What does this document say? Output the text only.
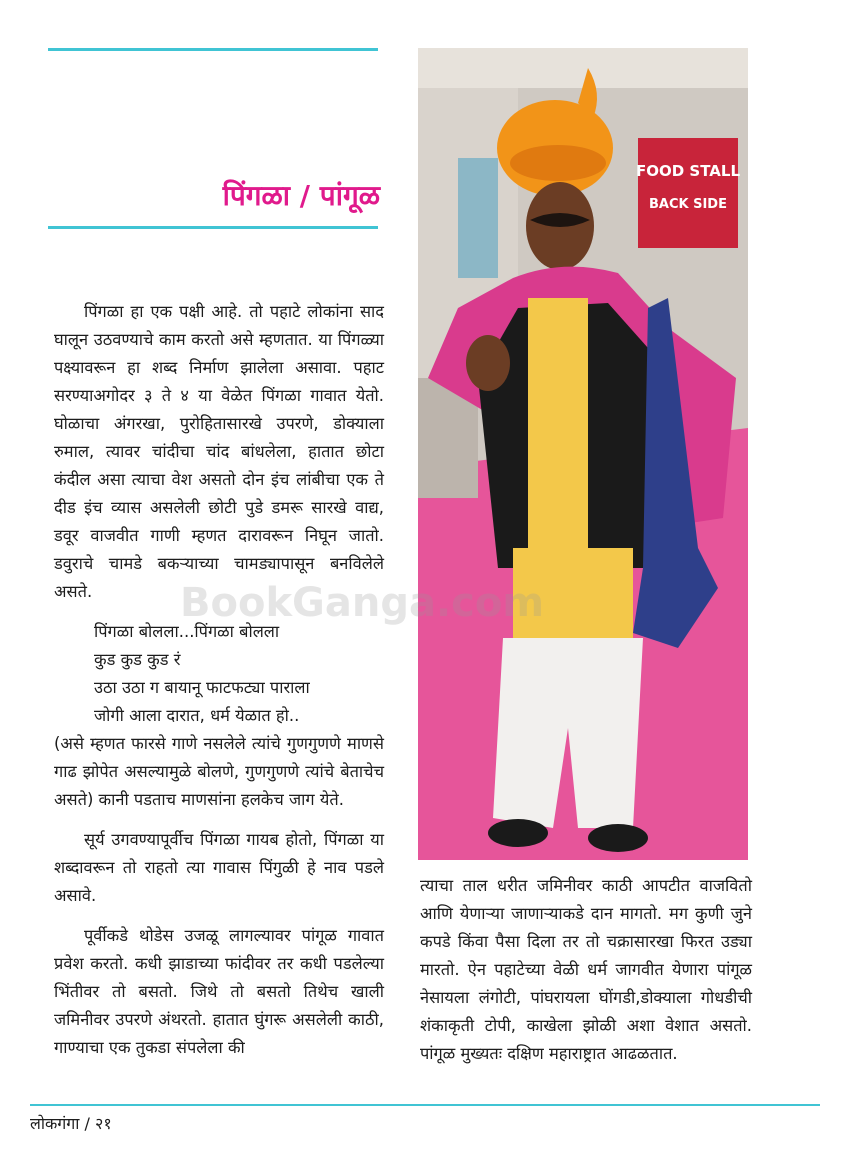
पिंगळा / पांगूळ

पिंगळा हा एक पक्षी आहे. तो पहाटे लोकांना साद घालून उठवण्याचे काम करतो असे म्हणतात. या पिंगळ्या पक्ष्यावरून हा शब्द निर्माण झालेला असावा. पहाट सरण्याअगोदर ३ ते ४ या वेळेत पिंगळा गावात येतो. घोळाचा अंगरखा, पुरोहितासारखे उपरणे, डोक्याला रुमाल, त्यावर चांदीचा चांद बांधलेला, हातात छोटा कंदील असा त्याचा वेश असतो दोन इंच लांबीचा एक ते दीड इंच व्यास असलेली छोटी पुडे डमरू सारखे वाद्य, डवूर वाजवीत गाणी म्हणत दारावरून निघून जातो. डवुराचे चामडे बकऱ्याच्या चामड्यापासून बनविलेले असते.

पिंगळा बोलला...पिंगळा बोलला
कुड कुड कुड रं
उठा उठा ग बायानू फाटफट्या पाराला
जोगी आला दारात, धर्म येळात हो..

(असे म्हणत फारसे गाणे नसलेले त्यांचे गुणगुणणे माणसे गाढ झोपेत असल्यामुळे बोलणे, गुणगुणणे त्यांचे बेताचेच असते) कानी पडताच माणसांना हलकेच जाग येते.

सूर्य उगवण्यापूर्वीच पिंगळा गायब होतो, पिंगळा या शब्दावरून तो राहतो त्या गावास पिंगुळी हे नाव पडले असावे.

पूर्वीकडे थोडेस उजळू लागल्यावर पांगूळ गावात प्रवेश करतो. कधी झाडाच्या फांदीवर तर कधी पडलेल्या भिंतीवर तो बसतो. जिथे तो बसतो तिथेच खाली जमिनीवर उपरणे अंथरतो. हातात घुंगरू असलेली काठी, गाण्याचा एक तुकडा संपलेला की

FOOD STALL
BACK SIDE
BookGanga.com

त्याचा ताल धरीत जमिनीवर काठी आपटीत वाजवितो आणि येणाऱ्या जाणाऱ्याकडे दान मागतो. मग कुणी जुने कपडे किंवा पैसा दिला तर तो चक्रासारखा फिरत उड्या मारतो. ऐन पहाटेच्या वेळी धर्म जागवीत येणारा पांगूळ नेसायला लंगोटी, पांघरायला घोंगडी,डोक्याला गोधडीची शंकाकृती टोपी, काखेला झोळी अशा वेशात असतो. पांगूळ मुख्यतः दक्षिण महाराष्ट्रात आढळतात.

लोकगंगा / २१
